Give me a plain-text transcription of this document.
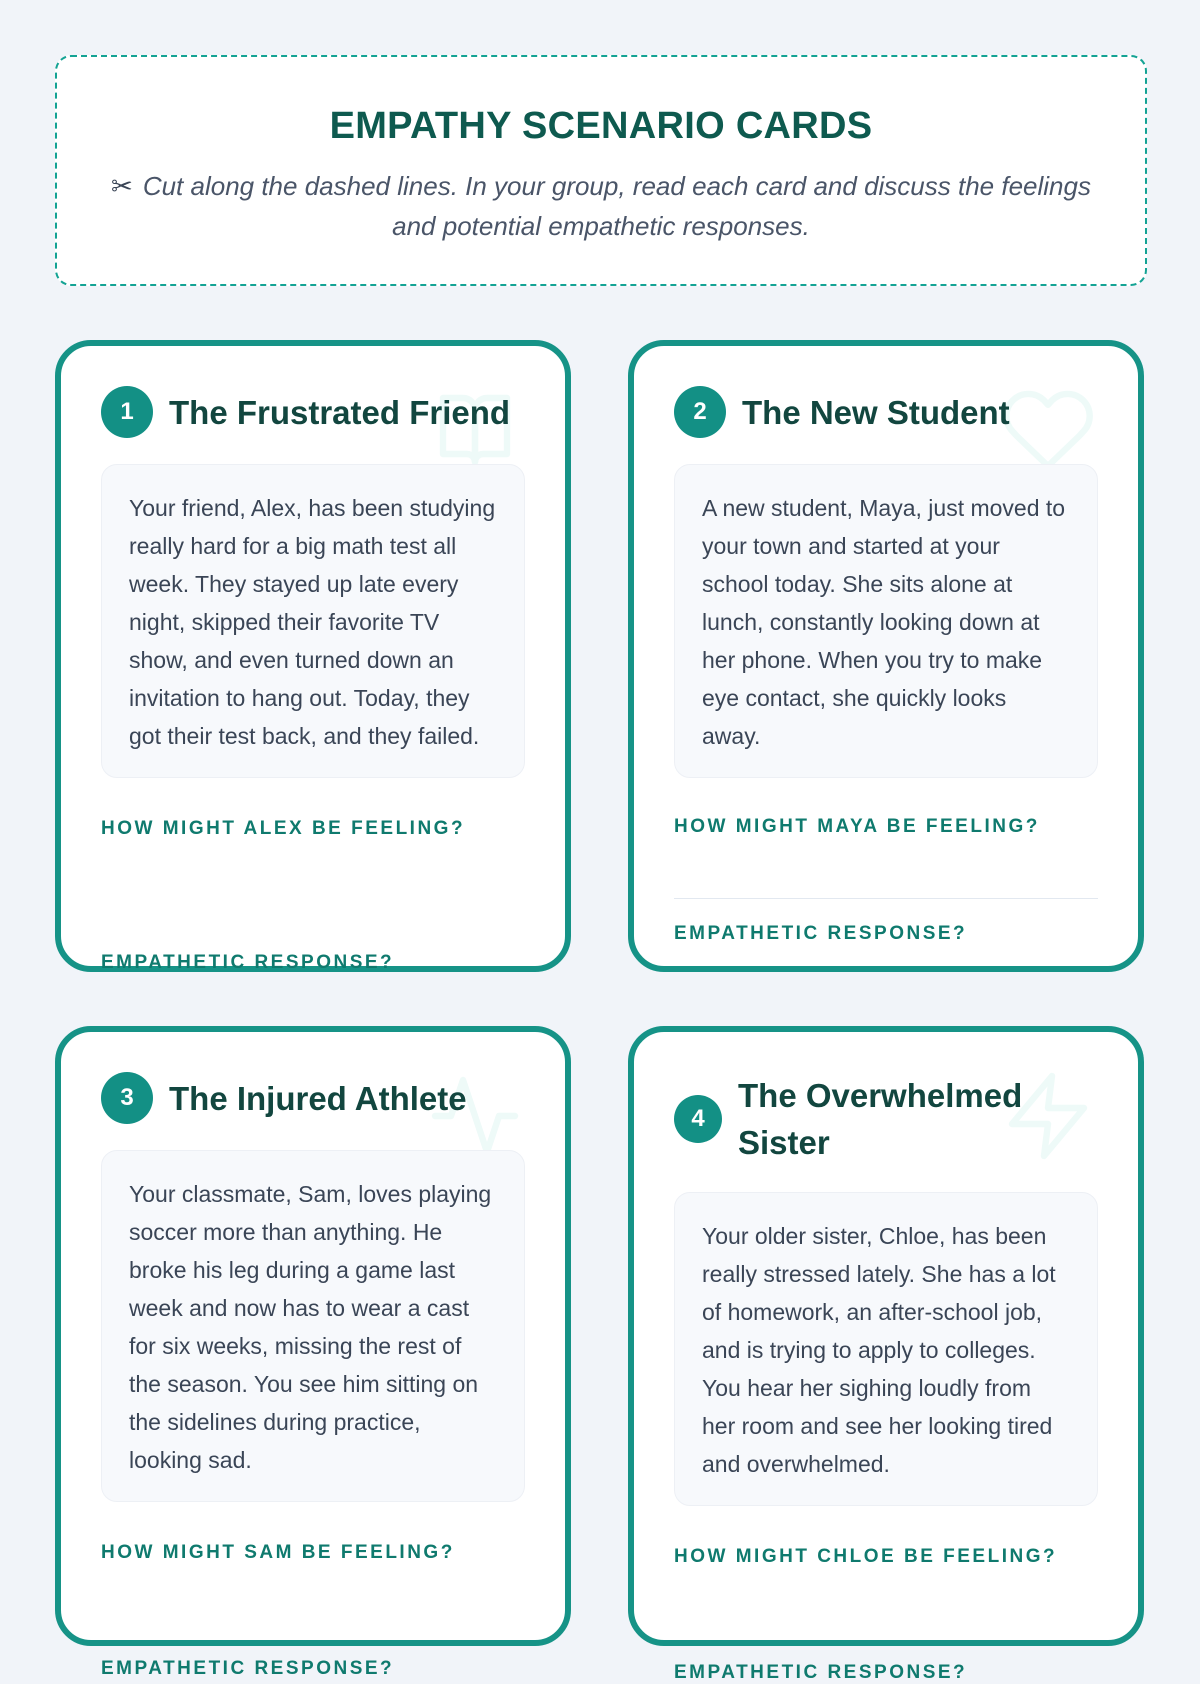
EMPATHY SCENARIO CARDS

✂ Cut along the dashed lines. In your group, read each card and discuss the feelings and potential empathetic responses.

1	The Frustrated Friend
Your friend, Alex, has been studying really hard for a big math test all week. They stayed up late every night, skipped their favorite TV show, and even turned down an invitation to hang out. Today, they got their test back, and they failed.
HOW MIGHT ALEX BE FEELING?
EMPATHETIC RESPONSE?
2	The New Student
A new student, Maya, just moved to your town and started at your school today. She sits alone at lunch, constantly looking down at her phone. When you try to make eye contact, she quickly looks away.
HOW MIGHT MAYA BE FEELING?
EMPATHETIC RESPONSE?
3	The Injured Athlete
Your classmate, Sam, loves playing soccer more than anything. He broke his leg during a game last week and now has to wear a cast for six weeks, missing the rest of the season. You see him sitting on the sidelines during practice, looking sad.
HOW MIGHT SAM BE FEELING?
EMPATHETIC RESPONSE?
4
The Overwhelmed Sister
Your older sister, Chloe, has been really stressed lately. She has a lot of homework, an after-school job, and is trying to apply to colleges. You hear her sighing loudly from her room and see her looking tired and overwhelmed.
HOW MIGHT CHLOE BE FEELING?
EMPATHETIC RESPONSE?
